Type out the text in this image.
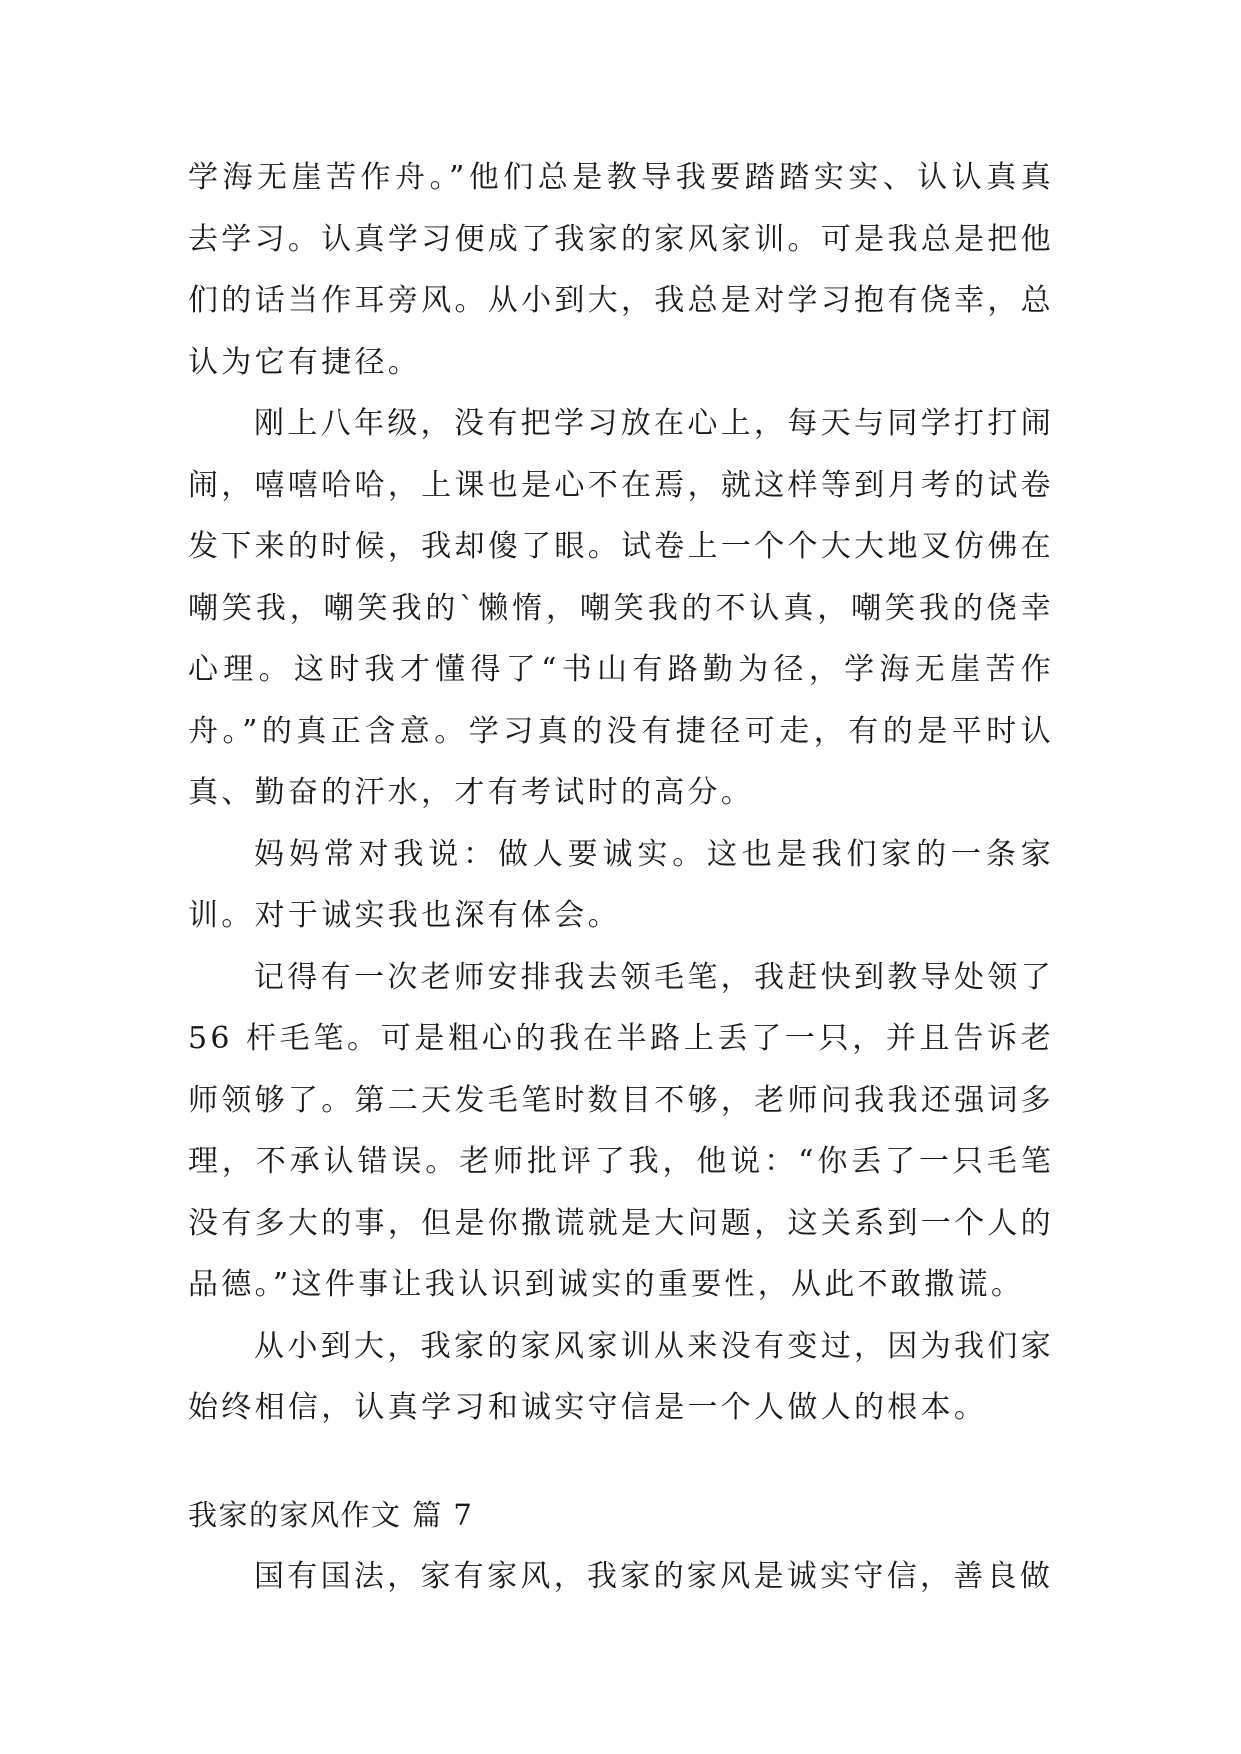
学海无崖苦作舟。”他们总是教导我要踏踏实实、认认真真去学习。认真学习便成了我家的家风家训。可是我总是把他们的话当作耳旁风。从小到大，我总是对学习抱有侥幸，总认为它有捷径。

刚上八年级，没有把学习放在心上，每天与同学打打闹闹，嘻嘻哈哈，上课也是心不在焉，就这样等到月考的试卷发下来的时候，我却傻了眼。试卷上一个个大大地叉仿佛在嘲笑我，嘲笑我的`懒惰，嘲笑我的不认真，嘲笑我的侥幸心理。这时我才懂得了“书山有路勤为径，学海无崖苦作舟。”的真正含意。学习真的没有捷径可走，有的是平时认真、勤奋的汗水，才有考试时的高分。

妈妈常对我说：做人要诚实。这也是我们家的一条家训。对于诚实我也深有体会。

记得有一次老师安排我去领毛笔，我赶快到教导处领了56 杆毛笔。可是粗心的我在半路上丢了一只，并且告诉老师领够了。第二天发毛笔时数目不够，老师问我我还强词多理，不承认错误。老师批评了我，他说：“你丢了一只毛笔没有多大的事，但是你撒谎就是大问题，这关系到一个人的品德。”这件事让我认识到诚实的重要性，从此不敢撒谎。

从小到大，我家的家风家训从来没有变过，因为我们家始终相信，认真学习和诚实守信是一个人做人的根本。

我家的家风作文 篇 7

国有国法，家有家风，我家的家风是诚实守信，善良做
